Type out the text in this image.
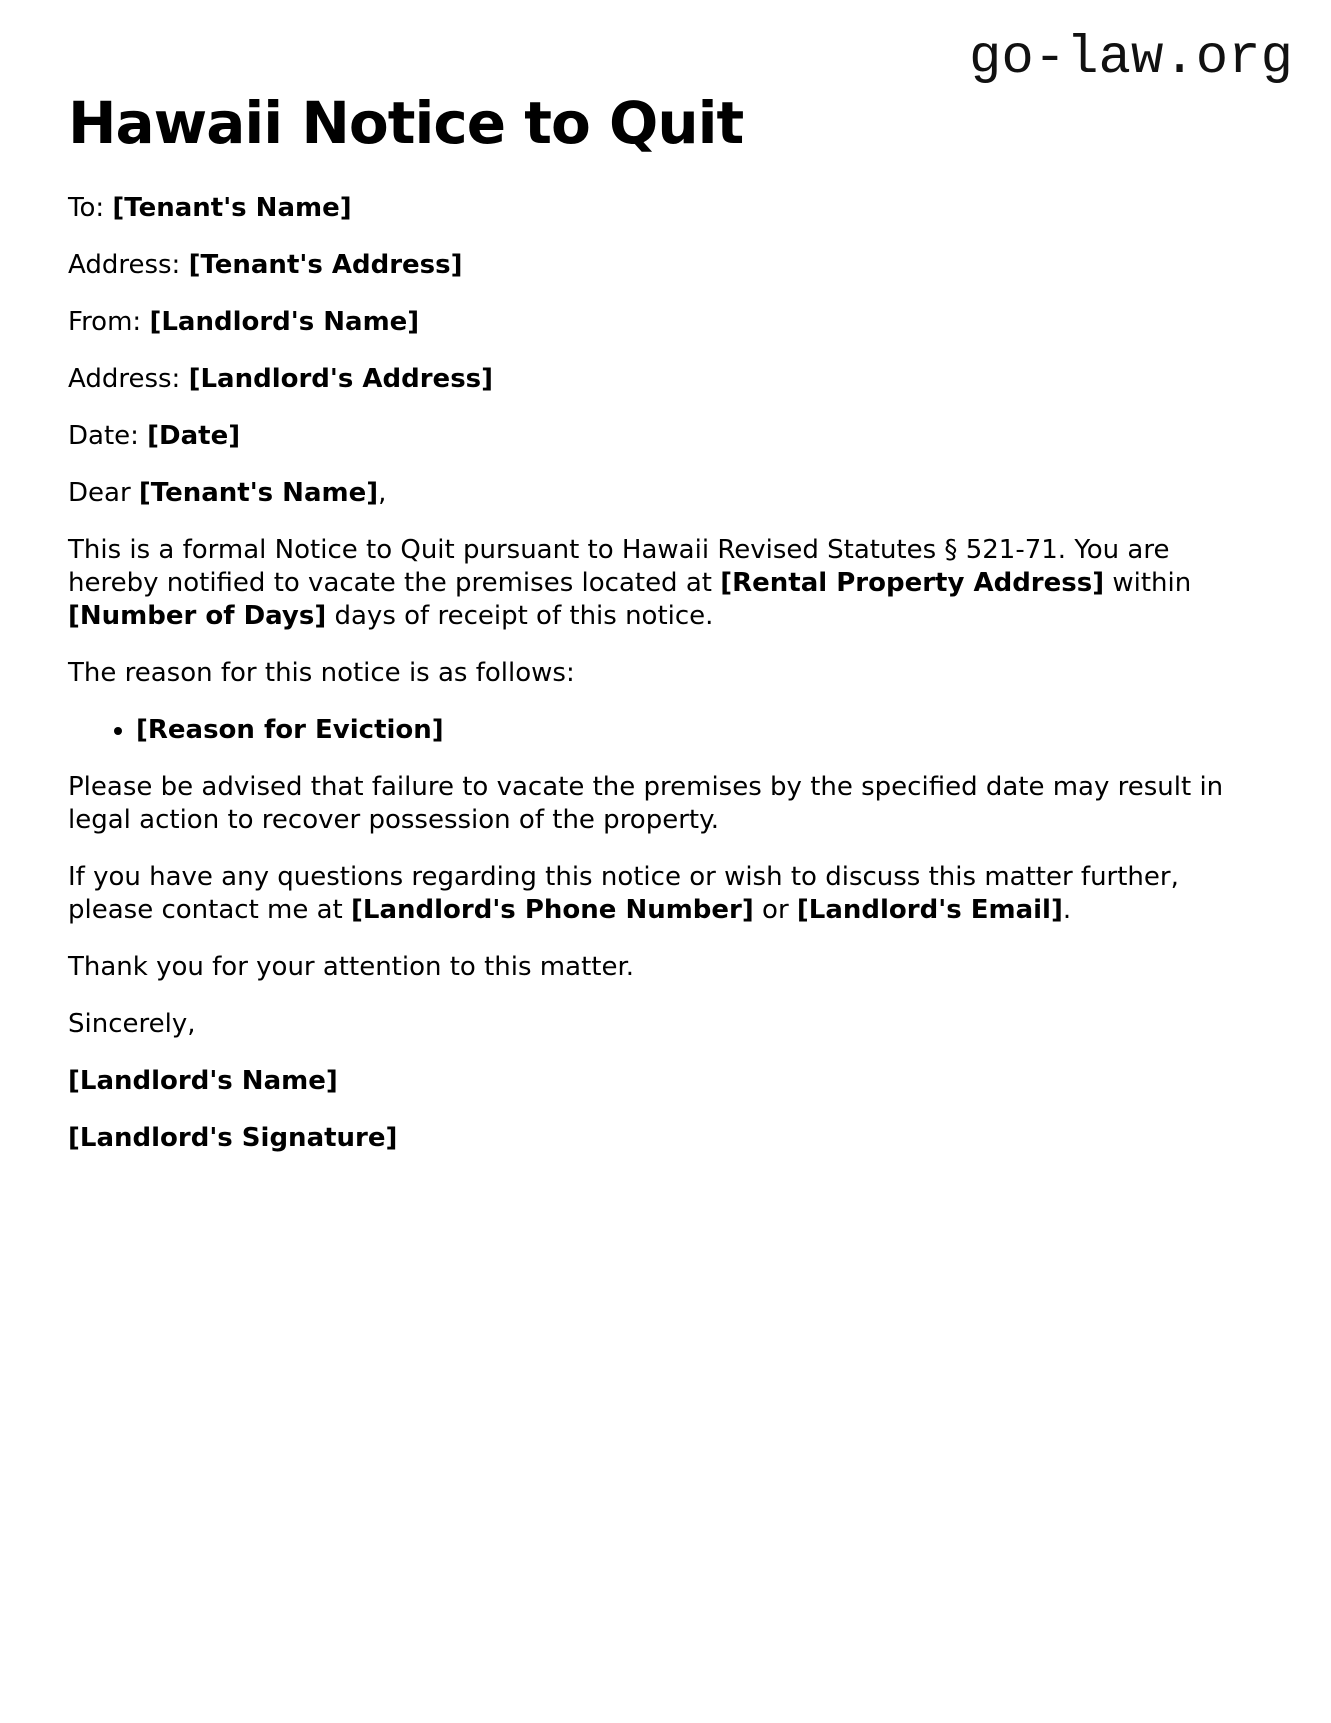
go-law.org
Hawaii Notice to Quit

To: [Tenant's Name]

Address: [Tenant's Address]

From: [Landlord's Name]

Address: [Landlord's Address]

Date: [Date]

Dear [Tenant's Name],

This is a formal Notice to Quit pursuant to Hawaii Revised Statutes § 521-71. You are hereby notified to vacate the premises located at [Rental Property Address] within [Number of Days] days of receipt of this notice.

The reason for this notice is as follows:

• [Reason for Eviction]

Please be advised that failure to vacate the premises by the specified date may result in legal action to recover possession of the property.

If you have any questions regarding this notice or wish to discuss this matter further, please contact me at [Landlord's Phone Number] or [Landlord's Email].

Thank you for your attention to this matter.

Sincerely,

[Landlord's Name]

[Landlord's Signature]
